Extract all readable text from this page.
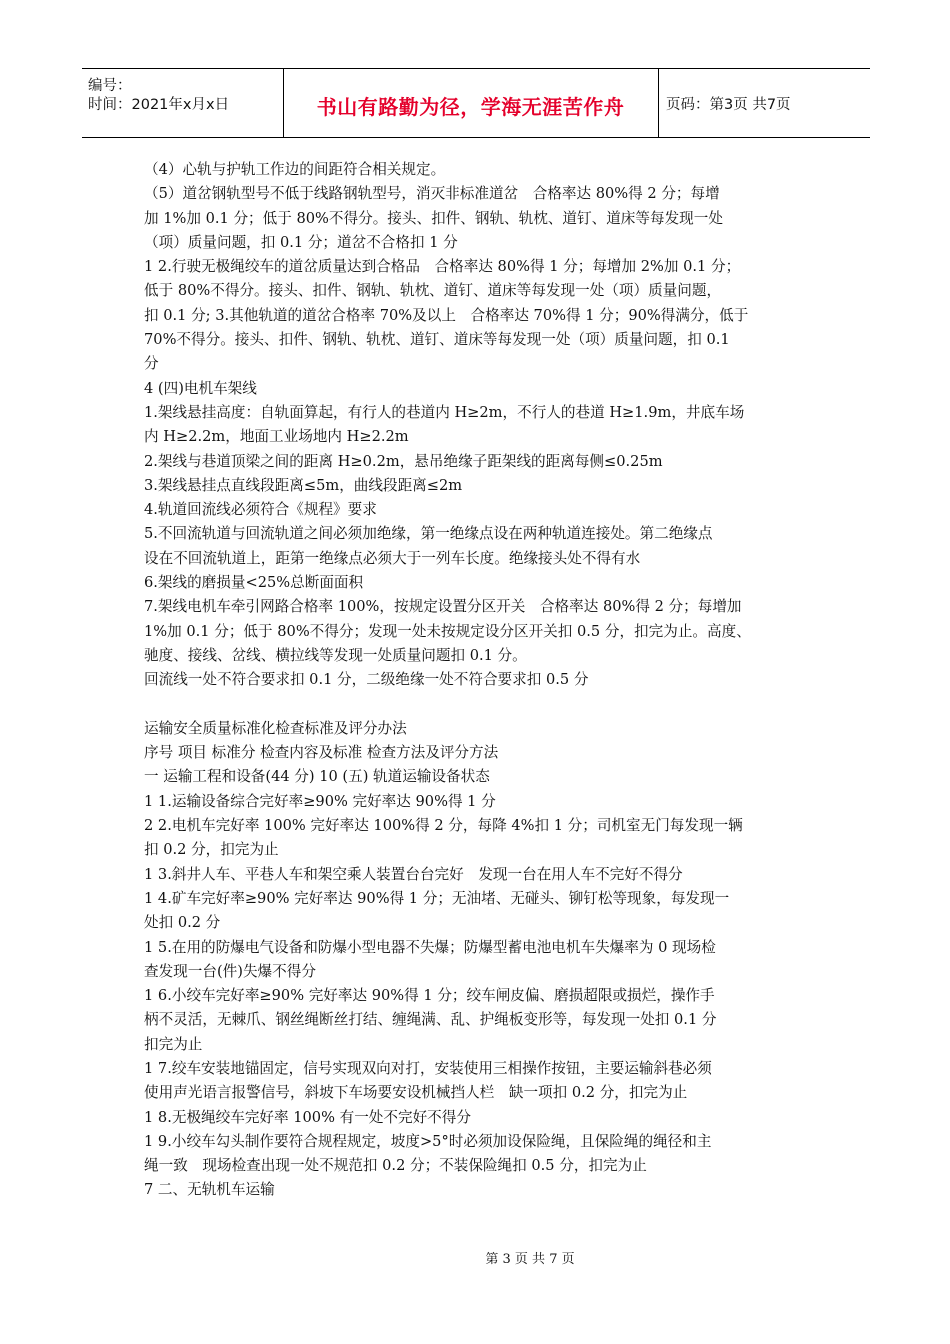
编号：
时间：2021年x月x日	书山有路勤为径，学海无涯苦作舟	页码：第3页 共7页
（4）心轨与护轨工作边的间距符合相关规定。
（5）道岔钢轨型号不低于线路钢轨型号，消灭非标准道岔　合格率达 80%得 2 分；每增
加 1%加 0.1 分；低于 80%不得分。接头、扣件、钢轨、轨枕、道钉、道床等每发现一处
（项）质量问题，扣 0.1 分；道岔不合格扣 1 分
1 2.行驶无极绳绞车的道岔质量达到合格品　合格率达 80%得 1 分；每增加 2%加 0.1 分；
低于 80%不得分。接头、扣件、钢轨、轨枕、道钉、道床等每发现一处（项）质量问题，
扣 0.1 分; 3.其他轨道的道岔合格率 70%及以上　合格率达 70%得 1 分；90%得满分，低于
70%不得分。接头、扣件、钢轨、轨枕、道钉、道床等每发现一处（项）质量问题，扣 0.1
分
4 (四)电机车架线
1.架线悬挂高度：自轨面算起，有行人的巷道内 H≥2m，不行人的巷道 H≥1.9m，井底车场
内 H≥2.2m，地面工业场地内 H≥2.2m
2.架线与巷道顶梁之间的距离 H≥0.2m，悬吊绝缘子距架线的距离每侧≤0.25m
3.架线悬挂点直线段距离≤5m，曲线段距离≤2m
4.轨道回流线必须符合《规程》要求
5.不回流轨道与回流轨道之间必须加绝缘，第一绝缘点设在两种轨道连接处。第二绝缘点
设在不回流轨道上，距第一绝缘点必须大于一列车长度。绝缘接头处不得有水
6.架线的磨损量<25%总断面面积
7.架线电机车牵引网路合格率 100%，按规定设置分区开关　合格率达 80%得 2 分；每增加
1%加 0.1 分；低于 80%不得分；发现一处未按规定设分区开关扣 0.5 分，扣完为止。高度、
驰度、接线、岔线、横拉线等发现一处质量问题扣 0.1 分。
回流线一处不符合要求扣 0.1 分，二级绝缘一处不符合要求扣 0.5 分
运输安全质量标准化检查标准及评分办法
序号 项目 标准分 检查内容及标准 检查方法及评分方法
一 运输工程和设备(44 分) 10 (五) 轨道运输设备状态
1 1.运输设备综合完好率≥90% 完好率达 90%得 1 分
2 2.电机车完好率 100% 完好率达 100%得 2 分，每降 4%扣 1 分；司机室无门每发现一辆
扣 0.2 分，扣完为止
1 3.斜井人车、平巷人车和架空乘人装置台台完好　发现一台在用人车不完好不得分
1 4.矿车完好率≥90% 完好率达 90%得 1 分；无油堵、无碰头、铆钉松等现象，每发现一
处扣 0.2 分
1 5.在用的防爆电气设备和防爆小型电器不失爆；防爆型蓄电池电机车失爆率为 0 现场检
查发现一台(件)失爆不得分
1 6.小绞车完好率≥90% 完好率达 90%得 1 分；绞车闸皮偏、磨损超限或损烂，操作手
柄不灵活，无棘爪、钢丝绳断丝打结、缠绳满、乱、护绳板变形等，每发现一处扣 0.1 分
扣完为止
1 7.绞车安装地锚固定，信号实现双向对打，安装使用三相操作按钮，主要运输斜巷必须
使用声光语言报警信号，斜坡下车场要安设机械挡人栏　缺一项扣 0.2 分，扣完为止
1 8.无极绳绞车完好率 100% 有一处不完好不得分
1 9.小绞车勾头制作要符合规程规定，坡度>5°时必须加设保险绳，且保险绳的绳径和主
绳一致　现场检查出现一处不规范扣 0.2 分；不装保险绳扣 0.5 分，扣完为止
7 二、无轨机车运输
第 3 页 共 7 页
